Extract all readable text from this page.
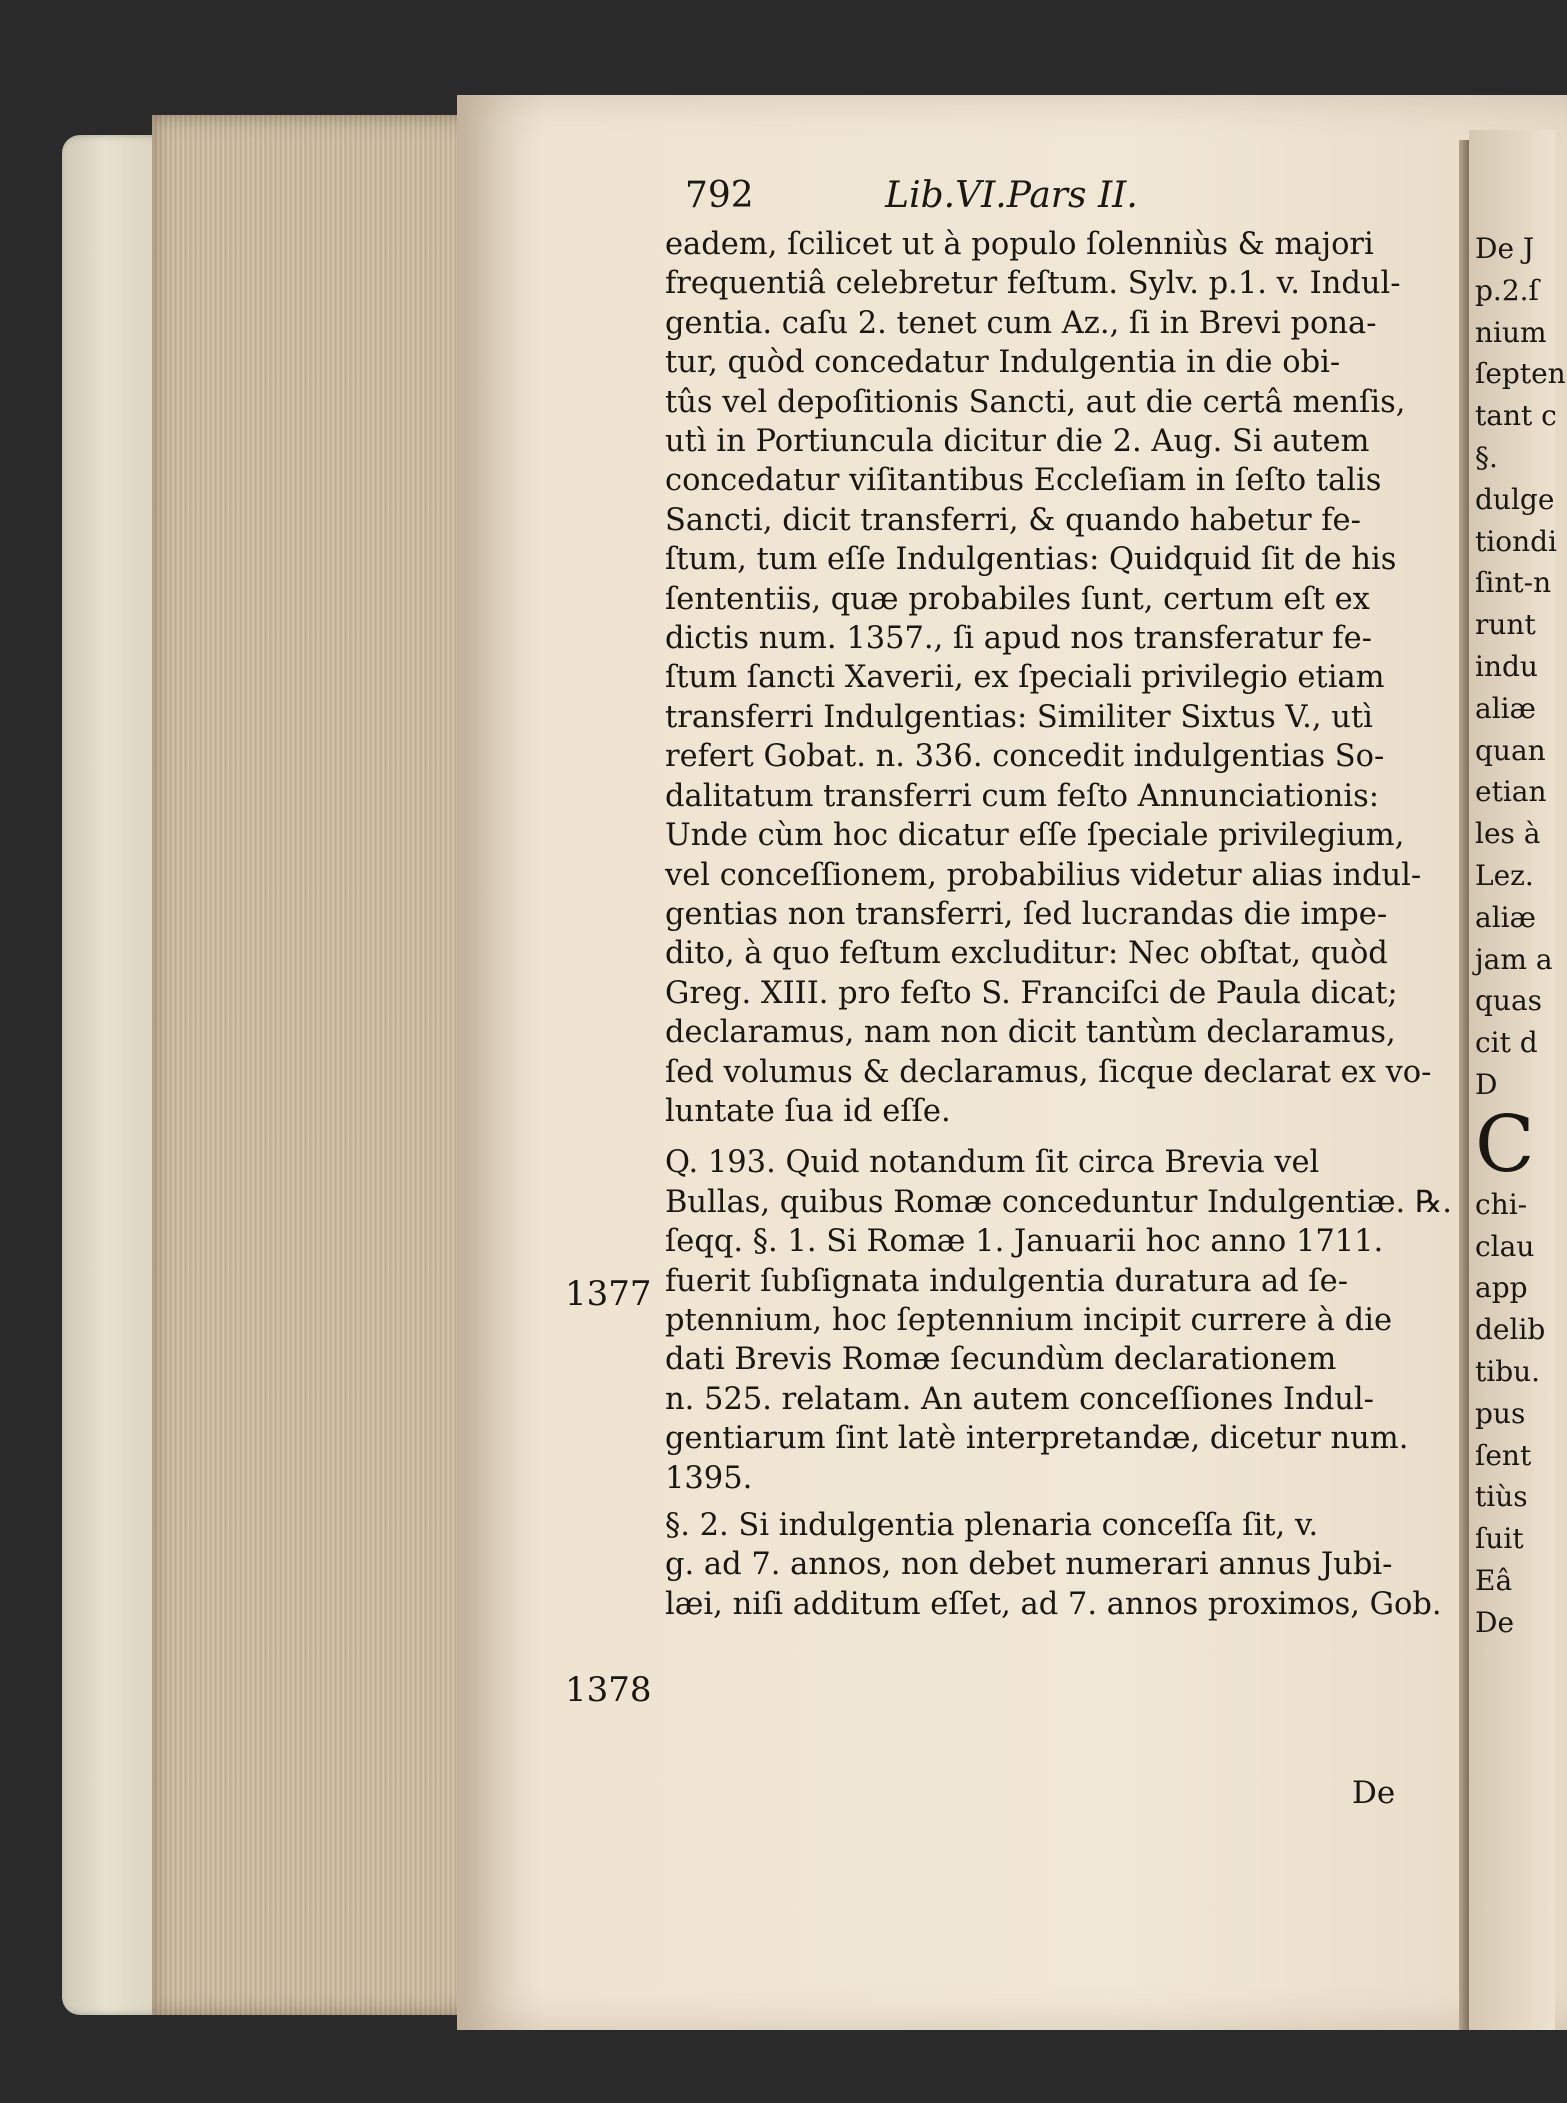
792	Lib.VI.Pars II.
eadem, ſcilicet ut à populo ſolenniùs & majori
frequentiâ celebretur feſtum. Sylv. p.1. v. Indul-
gentia. caſu 2. tenet cum Az., ſi in Brevi pona-
tur, quòd concedatur Indulgentia in die obi-
tûs vel depoſitionis Sancti, aut die certâ menſis,
utì in Portiuncula dicitur die 2. Aug. Si autem
concedatur viſitantibus Eccleſiam in ſeſto talis
Sancti, dicit transferri, & quando habetur fe-
ſtum, tum eſſe Indulgentias: Quidquid ſit de his
ſententiis, quæ probabiles ſunt, certum eſt ex
dictis num. 1357., ſi apud nos transferatur fe-
ſtum ſancti Xaverii, ex ſpeciali privilegio etiam
transferri Indulgentias: Similiter Sixtus V., utì
refert Gobat. n. 336. concedit indulgentias So-
dalitatum transferri cum feſto Annunciationis:
Unde cùm hoc dicatur eſſe ſpeciale privilegium,
vel conceſſionem, probabilius videtur alias indul-
gentias non transferri, ſed lucrandas die impe-
dito, à quo feſtum excluditur: Nec obſtat, quòd
Greg. XIII. pro feſto S. Franciſci de Paula dicat;
declaramus, nam non dicit tantùm declaramus,
ſed volumus & declaramus, ſicque declarat ex vo-
luntate ſua id eſſe.
Q. 193. Quid notandum ſit circa Brevia vel
Bullas, quibus Romæ conceduntur Indulgentiæ. ℞.
ſeqq. §. 1. Si Romæ 1. Januarii hoc anno 1711.
fuerit ſubſignata indulgentia duratura ad ſe-
ptennium, hoc ſeptennium incipit currere à die
dati Brevis Romæ ſecundùm declarationem
n. 525. relatam. An autem conceſſiones Indul-
gentiarum ſint latè interpretandæ, dicetur num.
1395.
§. 2. Si indulgentia plenaria conceſſa ſit, v.
g. ad 7. annos, non debet numerari annus Jubi-
læi, niſi additum eſſet, ad 7. annos proximos, Gob.
1377
1378
De
De J
p.2.ſ
nium
ſepten
tant c
§.
dulge
tiondi
ſint-n
runt
indu
aliæ
quan
etian
les à
Lez.
aliæ
jam a
quas
cit d
D
C
chi-
clau
app
delib
tibu.
pus
ſent
tiùs
ſuit
Eâ
De
